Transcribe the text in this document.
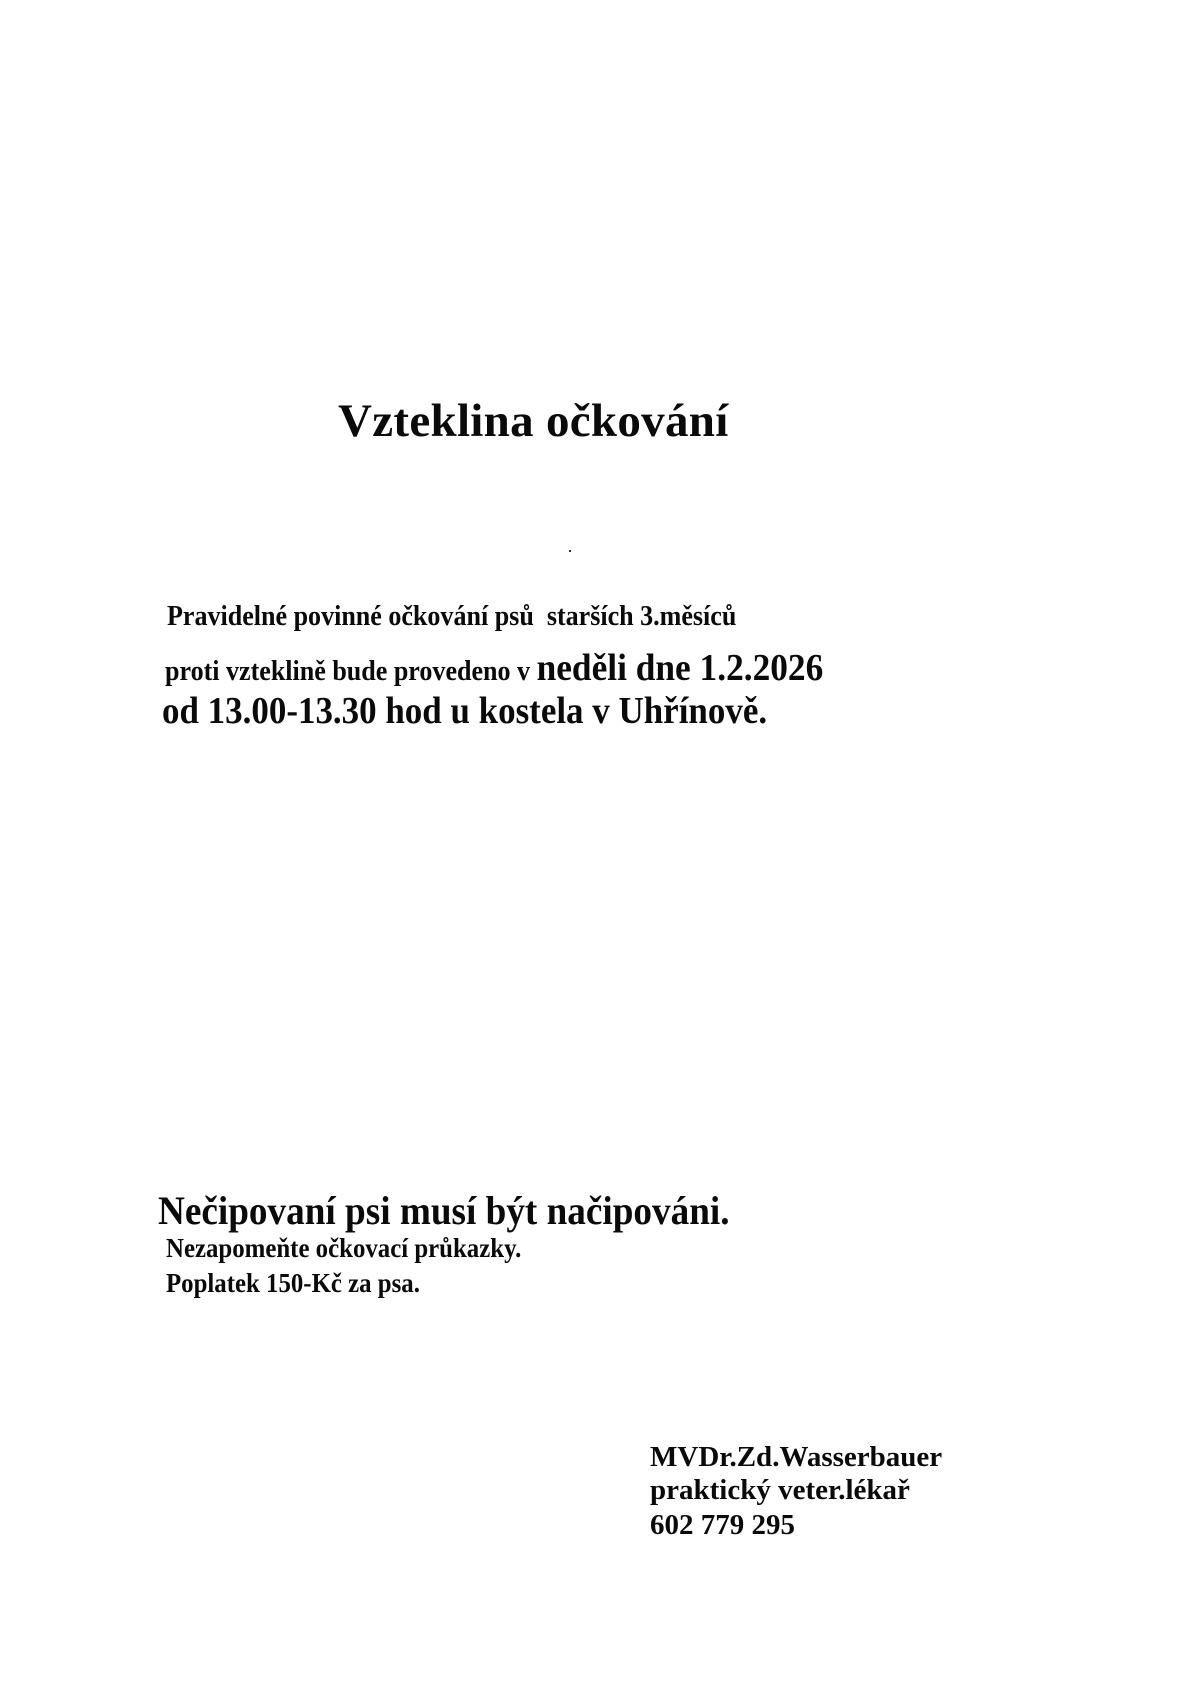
Vzteklina očkování
Pravidelné povinné očkování psů  starších 3.měsíců
proti vzteklině bude provedeno v neděli dne 1.2.2026
od 13.00-13.30 hod u kostela v Uhřínově.
Nečipovaní psi musí být načipováni.
Nezapomeňte očkovací průkazky.
Poplatek 150-Kč za psa.
MVDr.Zd.Wasserbauer
praktický veter.lékař
602 779 295
